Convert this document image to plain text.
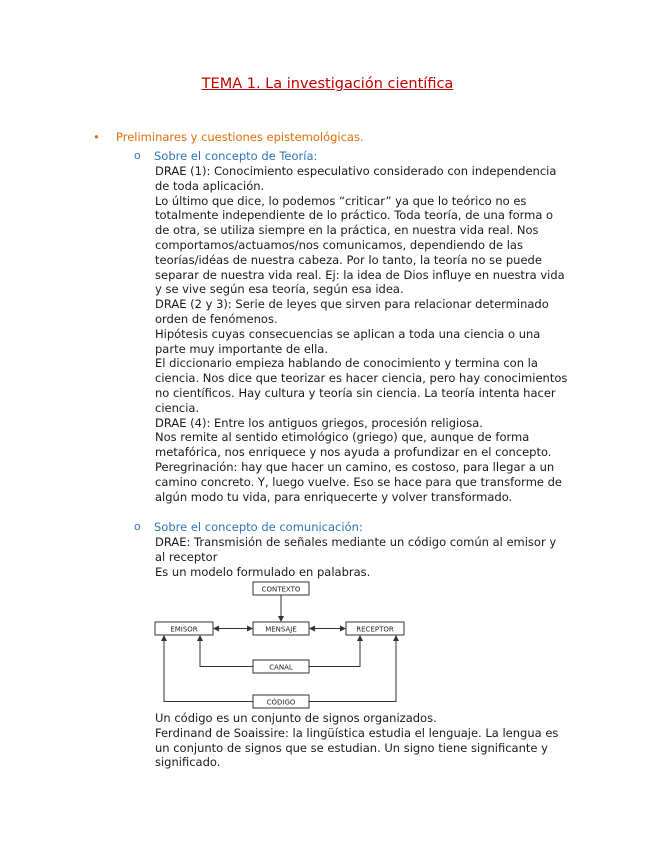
TEMA 1. La investigación científica
• Preliminares y cuestiones epistemológicas.
o Sobre el concepto de Teoría:
DRAE (1): Conocimiento especulativo considerado con independencia
de toda aplicación.
Lo último que dice, lo podemos “criticar” ya que lo teórico no es
totalmente independiente de lo práctico. Toda teoría, de una forma o
de otra, se utiliza siempre en la práctica, en nuestra vida real. Nos
comportamos/actuamos/nos comunicamos, dependiendo de las
teorías/idéas de nuestra cabeza. Por lo tanto, la teoría no se puede
separar de nuestra vida real. Ej: la idea de Dios influye en nuestra vida
y se vive según esa teoría, según esa idea.
DRAE (2 y 3): Serie de leyes que sirven para relacionar determinado
orden de fenómenos.
Hipótesis cuyas consecuencias se aplican a toda una ciencia o una
parte muy importante de ella.
El diccionario empieza hablando de conocimiento y termina con la
ciencia. Nos dice que teorizar es hacer ciencia, pero hay conocimientos
no científicos. Hay cultura y teoría sin ciencia. La teoría intenta hacer
ciencia.
DRAE (4): Entre los antiguos griegos, procesión religiosa.
Nos remite al sentido etimológico (griego) que, aunque de forma
metafórica, nos enriquece y nos ayuda a profundizar en el concepto.
Peregrinación: hay que hacer un camino, es costoso, para llegar a un
camino concreto. Y, luego vuelve. Eso se hace para que transforme de
algún modo tu vida, para enriquecerte y volver transformado.
o Sobre el concepto de comunicación:
DRAE: Transmisión de señales mediante un código común al emisor y
al receptor
Es un modelo formulado en palabras.
CONTEXTO
EMISOR	MENSAJE	RECEPTOR
CANAL
CÓDIGO
Un código es un conjunto de signos organizados.
Ferdinand de Soaissire: la lingüística estudia el lenguaje. La lengua es
un conjunto de signos que se estudian. Un signo tiene significante y
significado.
